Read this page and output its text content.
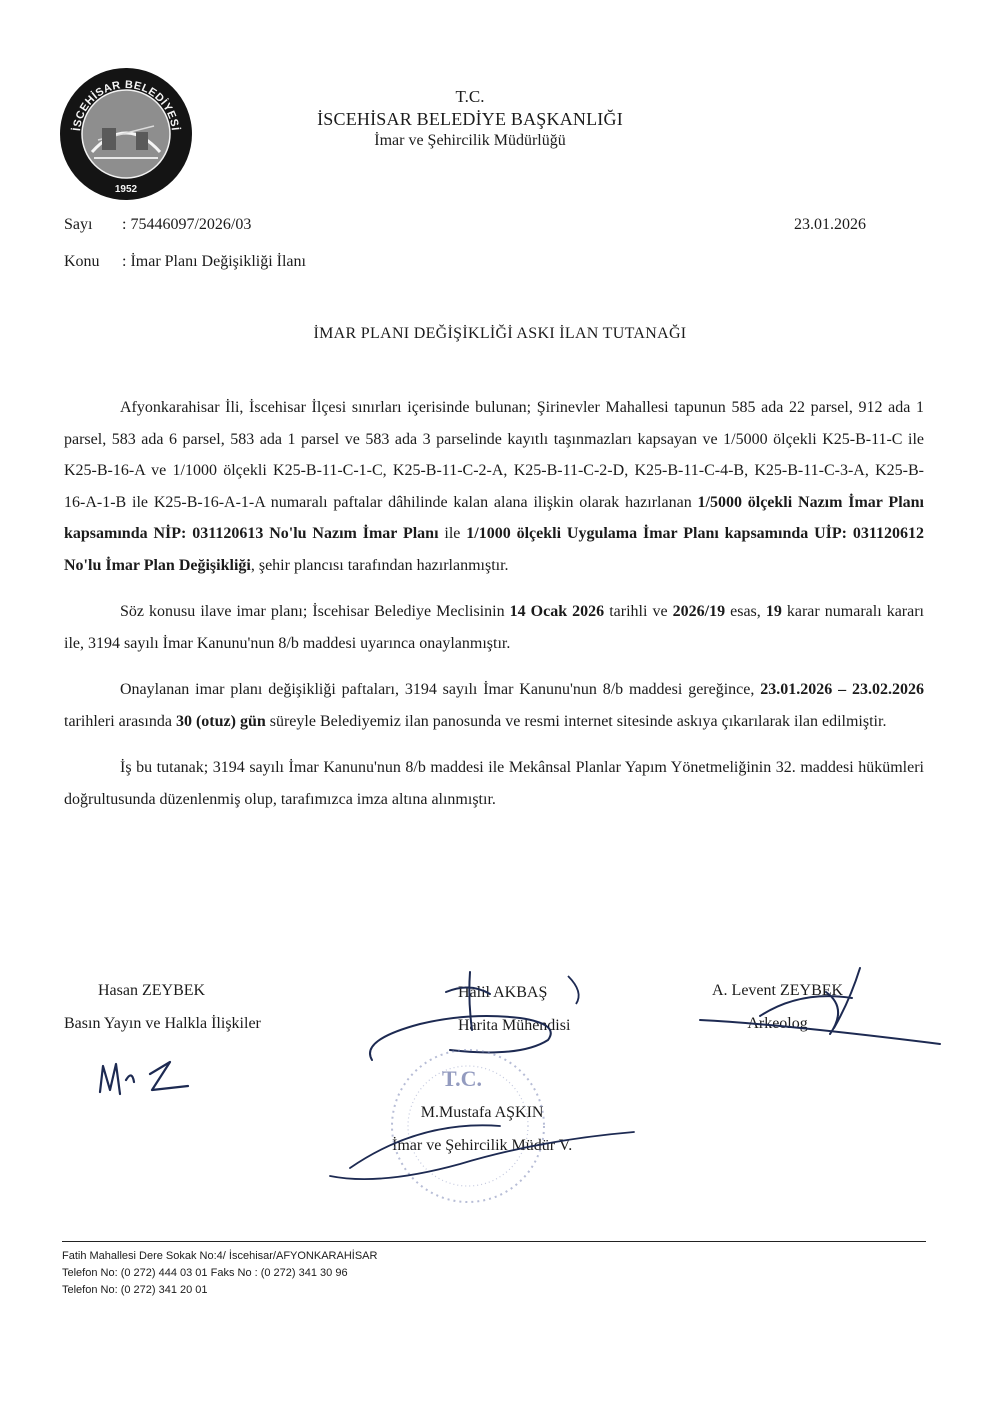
İSCEHİSAR BELEDİYESİ
1952
T.C.
İSCEHİSAR BELEDİYE BAŞKANLIĞI
İmar ve Şehircilik Müdürlüğü
Sayı : 75446097/2026/03	23.01.2026
Konu : İmar Planı Değişikliği İlanı
İMAR PLANI DEĞİŞİKLİĞİ ASKI İLAN TUTANAĞI

Afyonkarahisar İli, İscehisar İlçesi sınırları içerisinde bulunan; Şirinevler Mahallesi tapunun 585 ada 22 parsel, 912 ada 1 parsel, 583 ada 6 parsel, 583 ada 1 parsel ve 583 ada 3 parselinde kayıtlı taşınmazları kapsayan ve 1/5000 ölçekli K25-B-11-C ile K25-B-16-A ve 1/1000 ölçekli K25-B-11-C-1-C, K25-B-11-C-2-A, K25-B-11-C-2-D, K25-B-11-C-4-B, K25-B-11-C-3-A, K25-B-16-A-1-B ile K25-B-16-A-1-A numaralı paftalar dâhilinde kalan alana ilişkin olarak hazırlanan 1/5000 ölçekli Nazım İmar Planı kapsamında NİP: 031120613 No'lu Nazım İmar Planı ile 1/1000 ölçekli Uygulama İmar Planı kapsamında UİP: 031120612 No'lu İmar Plan Değişikliği, şehir plancısı tarafından hazırlanmıştır.

Söz konusu ilave imar planı; İscehisar Belediye Meclisinin 14 Ocak 2026 tarihli ve 2026/19 esas, 19 karar numaralı kararı ile, 3194 sayılı İmar Kanunu'nun 8/b maddesi uyarınca onaylanmıştır.

Onaylanan imar planı değişikliği paftaları, 3194 sayılı İmar Kanunu'nun 8/b maddesi gereğince, 23.01.2026 – 23.02.2026 tarihleri arasında 30 (otuz) gün süreyle Belediyemiz ilan panosunda ve resmi internet sitesinde askıya çıkarılarak ilan edilmiştir.

İş bu tutanak; 3194 sayılı İmar Kanunu'nun 8/b maddesi ile Mekânsal Planlar Yapım Yönetmeliğinin 32. maddesi hükümleri doğrultusunda düzenlenmiş olup, tarafımızca imza altına alınmıştır.

Hasan ZEYBEK
Basın Yayın ve Halkla İlişkiler
Halil AKBAŞ
Harita Mühendisi
A. Levent ZEYBEK
Arkeolog
M.Mustafa AŞKIN
İmar ve Şehircilik Müdür V.
T.C.
Fatih Mahallesi Dere Sokak No:4/ İscehisar/AFYONKARAHİSAR
Telefon No: (0 272) 444 03 01 Faks No : (0 272) 341 30 96
Telefon No: (0 272) 341 20 01
